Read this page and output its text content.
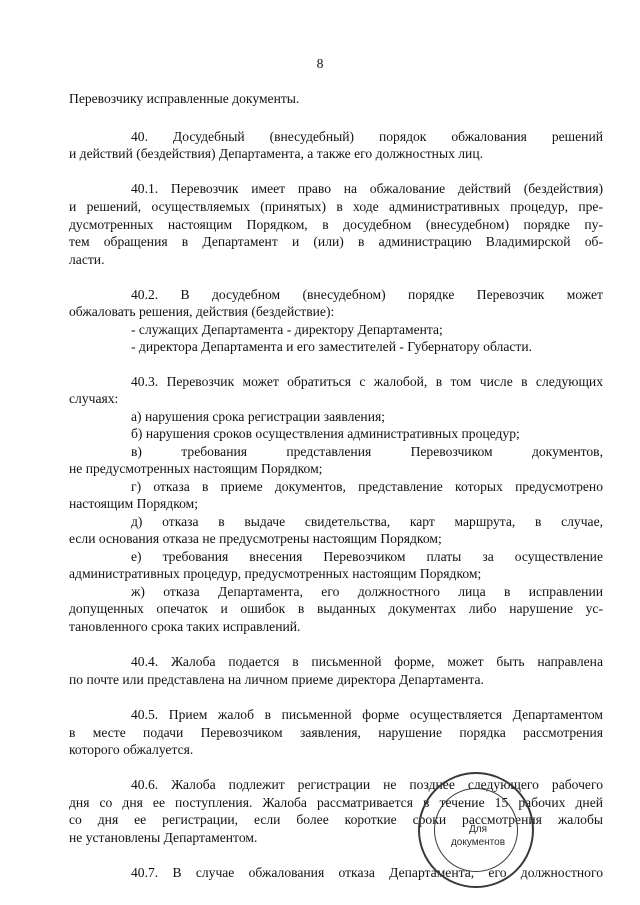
8
Перевозчику исправленные документы.
40. Досудебный (внесудебный) порядок обжалования решений
и действий (бездействия) Департамента, а также его должностных лиц.
40.1. Перевозчик имеет право на обжалование действий (бездействия)
и решений, осуществляемых (принятых) в ходе административных процедур, пре-
дусмотренных настоящим Порядком, в досудебном (внесудебном) порядке пу-
тем обращения в Департамент и (или) в администрацию Владимирской об-
ласти.
40.2. В досудебном (внесудебном) порядке Перевозчик может
обжаловать решения, действия (бездействие):
- служащих Департамента - директору Департамента;
- директора Департамента и его заместителей - Губернатору области.
40.3. Перевозчик может обратиться с жалобой, в том числе в следующих
случаях:
а) нарушения срока регистрации заявления;
б) нарушения сроков осуществления административных процедур;
в) требования представления Перевозчиком документов,
не предусмотренных настоящим Порядком;
г) отказа в приеме документов, представление которых предусмотрено
настоящим Порядком;
д) отказа в выдаче свидетельства, карт маршрута, в случае,
если основания отказа не предусмотрены настоящим Порядком;
е) требования внесения Перевозчиком платы за осуществление
административных процедур, предусмотренных настоящим Порядком;
ж) отказа Департамента, его должностного лица в исправлении
допущенных опечаток и ошибок в выданных документах либо нарушение ус-
тановленного срока таких исправлений.
40.4. Жалоба подается в письменной форме, может быть направлена
по почте или представлена на личном приеме директора Департамента.
40.5. Прием жалоб в письменной форме осуществляется Департаментом
в месте подачи Перевозчиком заявления, нарушение порядка рассмотрения
которого обжалуется.
40.6. Жалоба подлежит регистрации не позднее следующего рабочего
дня со дня ее поступления. Жалоба рассматривается в течение 15 рабочих дней
со дня ее регистрации, если более короткие сроки рассмотрения жалобы
не установлены Департаментом.
40.7. В случае обжалования отказа Департамента, его должностного
Для
документов
